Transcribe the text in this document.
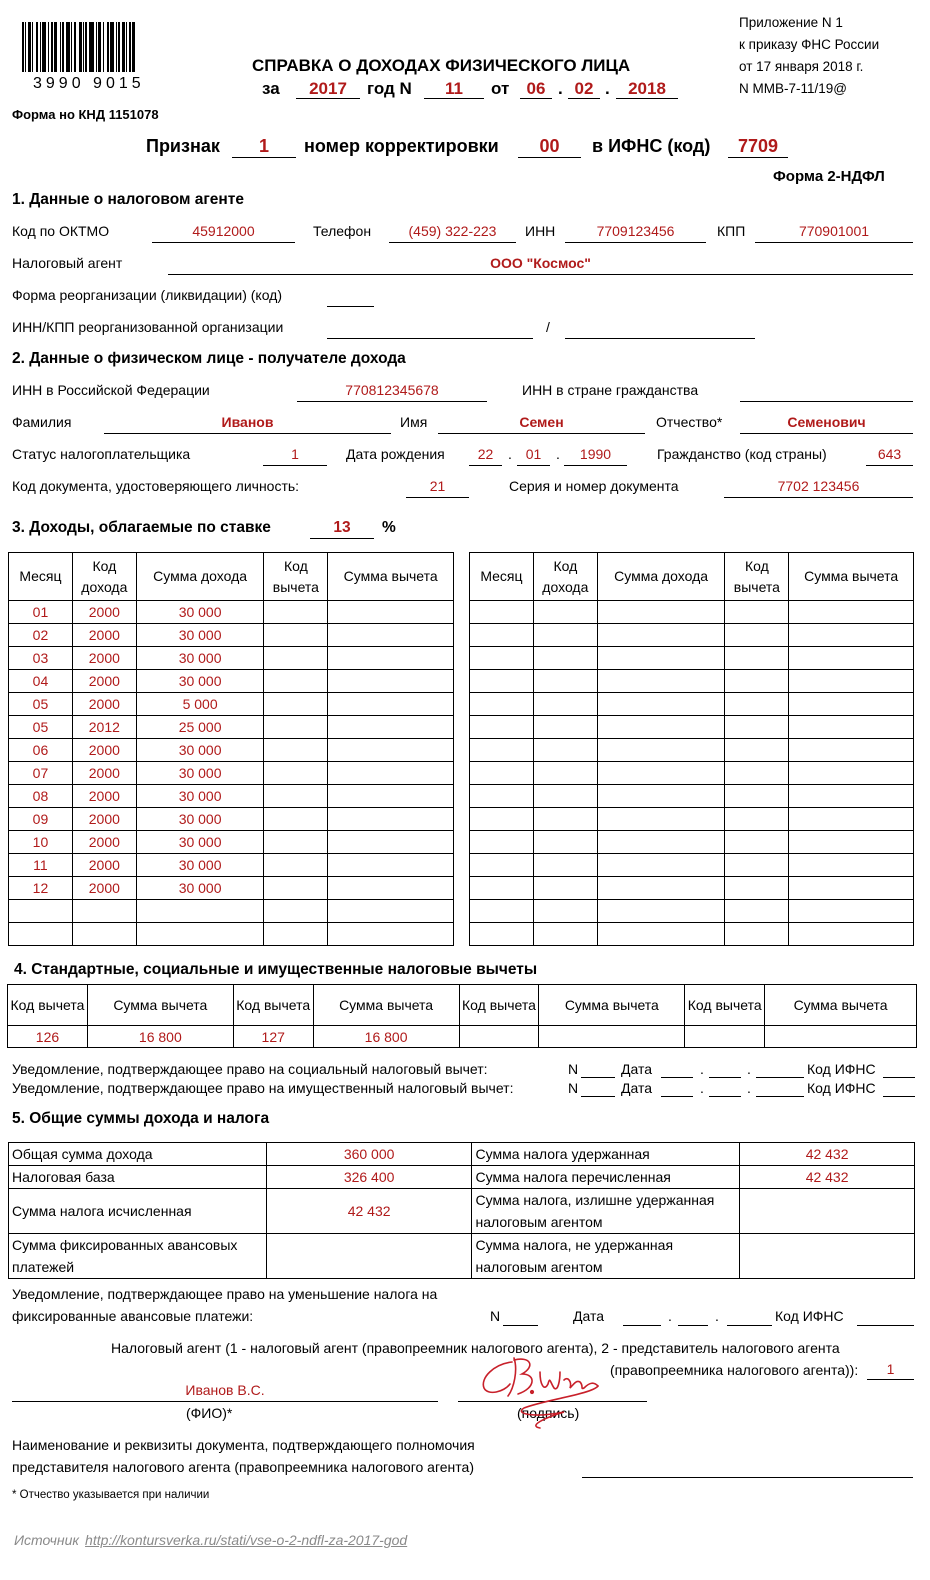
3990 9015
Форма но КНД 1151078
СПРАВКА О ДОХОДАХ ФИЗИЧЕСКОГО ЛИЦА
за	2017	год N	11	от	06 . 02 .	2018
Приложение N 1
к приказу ФНС России
от 17 января 2018 г.
N ММВ-7-11/19@
Признак	1	номер корректировки	00	в ИФНС (код)	7709
Форма 2-НДФЛ
1. Данные о налоговом агенте
Код по ОКТМО	45912000	Телефон	(459) 322-223	ИНН	7709123456	КПП	770901001
Налоговый агент	ООО "Космос"
Форма реорганизации (ликвидации) (код)
ИНН/КПП реорганизованной организации	/
2. Данные о физическом лице - получателе дохода
ИНН в Российской Федерации	770812345678	ИНН в стране гражданства
Фамилия	Иванов	Имя	Семен	Отчество*	Семенович
Статус налогоплательщика	1	Дата рождения	22	. 01	.	1990	Гражданство (код страны)	643
Код документа, удостоверяющего личность:	21	Серия и номер документа	7702 123456
3. Доходы, облагаемые по ставке	13	%
Месяц	Код дохода	Сумма дохода	Код вычета	Сумма вычета
01	2000	30 000		
02	2000	30 000		
03	2000	30 000		
04	2000	30 000		
05	2000	5 000		
05	2012	25 000		
06	2000	30 000		
07	2000	30 000		
08	2000	30 000		
09	2000	30 000		
10	2000	30 000		
11	2000	30 000		
12	2000	30 000		

Месяц	Код дохода	Сумма дохода	Код вычета	Сумма вычета

4. Стандартные, социальные и имущественные налоговые вычеты
Код вычета	Сумма вычета	Код вычета	Сумма вычета	Код вычета	Сумма вычета	Код вычета	Сумма вычета
126	16 800	127	16 800				
Уведомление, подтверждающее право на социальный налоговый вычет:
Уведомление, подтверждающее право на имущественный налоговый вычет:
N	Дата	.	.	Код ИФНС
N	Дата	.	.	Код ИФНС
5. Общие суммы дохода и налога
Общая сумма дохода	360 000	Сумма налога удержанная	42 432
Налоговая база	326 400	Сумма налога перечисленная	42 432
Сумма налога исчисленная	42 432	Сумма налога, излишне удержанная налоговым агентом	
Сумма фиксированных авансовых платежей		Сумма налога, не удержанная налоговым агентом	
Уведомление, подтверждающее право на уменьшение налога на
фиксированные авансовые платежи:	N	Дата	.	.	Код ИФНС
Налоговый агент (1 - налоговый агент (правопреемник налогового агента), 2 - представитель налогового агента
(правопреемника налогового агента)):	1
Иванов В.С.
(ФИО)*	(подпись)
Наименование и реквизиты документа, подтверждающего полномочия
представителя налогового агента (правопреемника налогового агента)
* Отчество указывается при наличии
Источник http://kontursverka.ru/stati/vse-o-2-ndfl-za-2017-god
